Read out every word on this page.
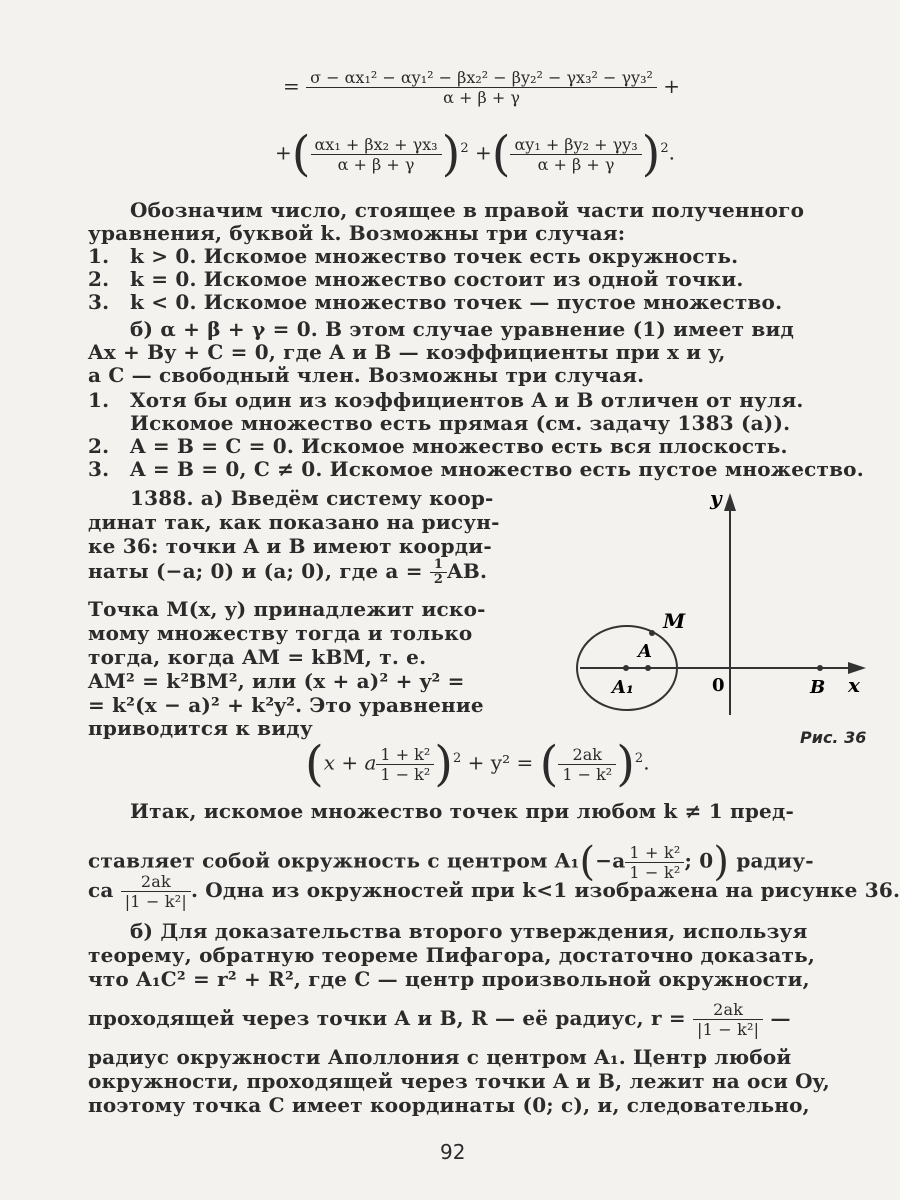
= $\frac{\text{σ − αx₁² − αy₁² − βx₂² − βy₂² − γx₃² − γy₃²}}{\alpha + \beta + \gamma}$ +
+( $\frac{\text{αx₁ + βx₂ + γx₃}}{\alpha + \beta + \gamma} )^2$ +( $\frac{\text{αy₁ + βy₂ + γy₃}}{\alpha + \beta + \gamma} )^2$.
Обозначим число, стоящее в правой части полученного
уравнения, буквой k. Возможны три случая:
1. k > 0. Искомое множество точек есть окружность.
2. k = 0. Искомое множество состоит из одной точки.
3. k < 0. Искомое множество точек — пустое множество.
б) α + β + γ = 0. В этом случае уравнение (1) имеет вид
Ax + By + C = 0, где A и B — коэффициенты при x и y,
а C — свободный член. Возможны три случая.
1. Хотя бы один из коэффициентов A и B отличен от нуля.
Искомое множество есть прямая (см. задачу 1383 (а)).
2. A = B = C = 0. Искомое множество есть вся плоскость.
3. A = B = 0, C ≠ 0. Искомое множество есть пустое множество.
1388. а) Введём систему коор-
динат так, как показано на рисун-
ке 36: точки A и B имеют коорди-
наты (−a; 0) и (a; 0), где $a = \frac{1}{2}$ AB.
Точка M(x, y) принадлежит иско-
мому множеству тогда и только
тогда, когда AM = kBM, т. е.
AM² = k²BM², или (x + a)² + y² =
= k²(x − a)² + k²y². Это уравнение
приводится к виду
y
x
M
A
A₁	0	B
Рис. 36
(x + a $\frac{\text{1 + k²}}{\text{1 − k²}} )^2 + y^2$ = ( $\frac{2ak}{\text{1 − k²}} )^2$.
Итак, искомое множество точек при любом k ≠ 1 пред-
ставляет собой окружность с центром $A_1(-a \frac{\text{1 + k²}}{\text{1 − k²}}$ ; 0) радиу-
са $\frac{2ak}{\text{|1 − k²|}}$ . Одна из окружностей при k<1 изображена на рисунке 36.
б) Для доказательства второго утверждения, используя
теорему, обратную теореме Пифагора, достаточно доказать,
что A₁C² = r² + R², где C — центр произвольной окружности,
проходящей через точки A и B, R — её радиус, $r = \frac{2ak}{\text{|1 − k²|}}$ —
радиус окружности Аполлония с центром A₁. Центр любой
окружности, проходящей через точки A и B, лежит на оси Oy,
поэтому точка C имеет координаты (0; c), и, следовательно,
92
